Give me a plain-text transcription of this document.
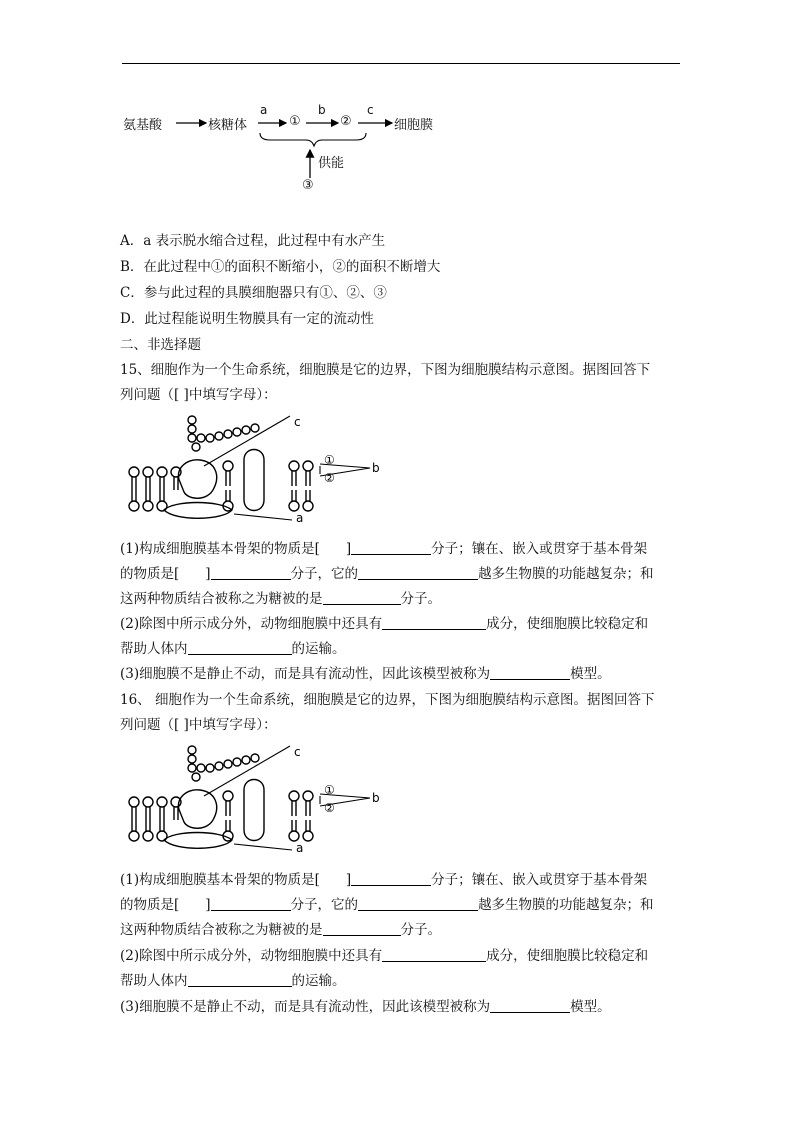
氨基酸	核糖体
a
①
b
②
c
细胞膜
供能
③
A．a 表示脱水缩合过程，此过程中有水产生
B．在此过程中①的面积不断缩小，②的面积不断增大
C．参与此过程的具膜细胞器只有①、②、③
D．此过程能说明生物膜具有一定的流动性
二、非选择题
15、细胞作为一个生命系统，细胞膜是它的边界，下图为细胞膜结构示意图。据图回答下
列问题（[ ]中填写字母）：
c
①
②
b
a
(1)构成细胞膜基本骨架的物质是[ ]	分子；镶在、嵌入或贯穿于基本骨架
的物质是[ ]	分子，它的	越多生物膜的功能越复杂；和
这两种物质结合被称之为糖被的是	分子。
(2)除图中所示成分外，动物细胞膜中还具有	成分，使细胞膜比较稳定和
帮助人体内	的运输。
(3)细胞膜不是静止不动，而是具有流动性，因此该模型被称为	模型。
16、 细胞作为一个生命系统，细胞膜是它的边界，下图为细胞膜结构示意图。据图回答下
列问题（[ ]中填写字母）：
c
①
②
b
a
(1)构成细胞膜基本骨架的物质是[ ]	分子；镶在、嵌入或贯穿于基本骨架
的物质是[ ]	分子，它的	越多生物膜的功能越复杂；和
这两种物质结合被称之为糖被的是	分子。
(2)除图中所示成分外，动物细胞膜中还具有	成分，使细胞膜比较稳定和
帮助人体内	的运输。
(3)细胞膜不是静止不动，而是具有流动性，因此该模型被称为	模型。
